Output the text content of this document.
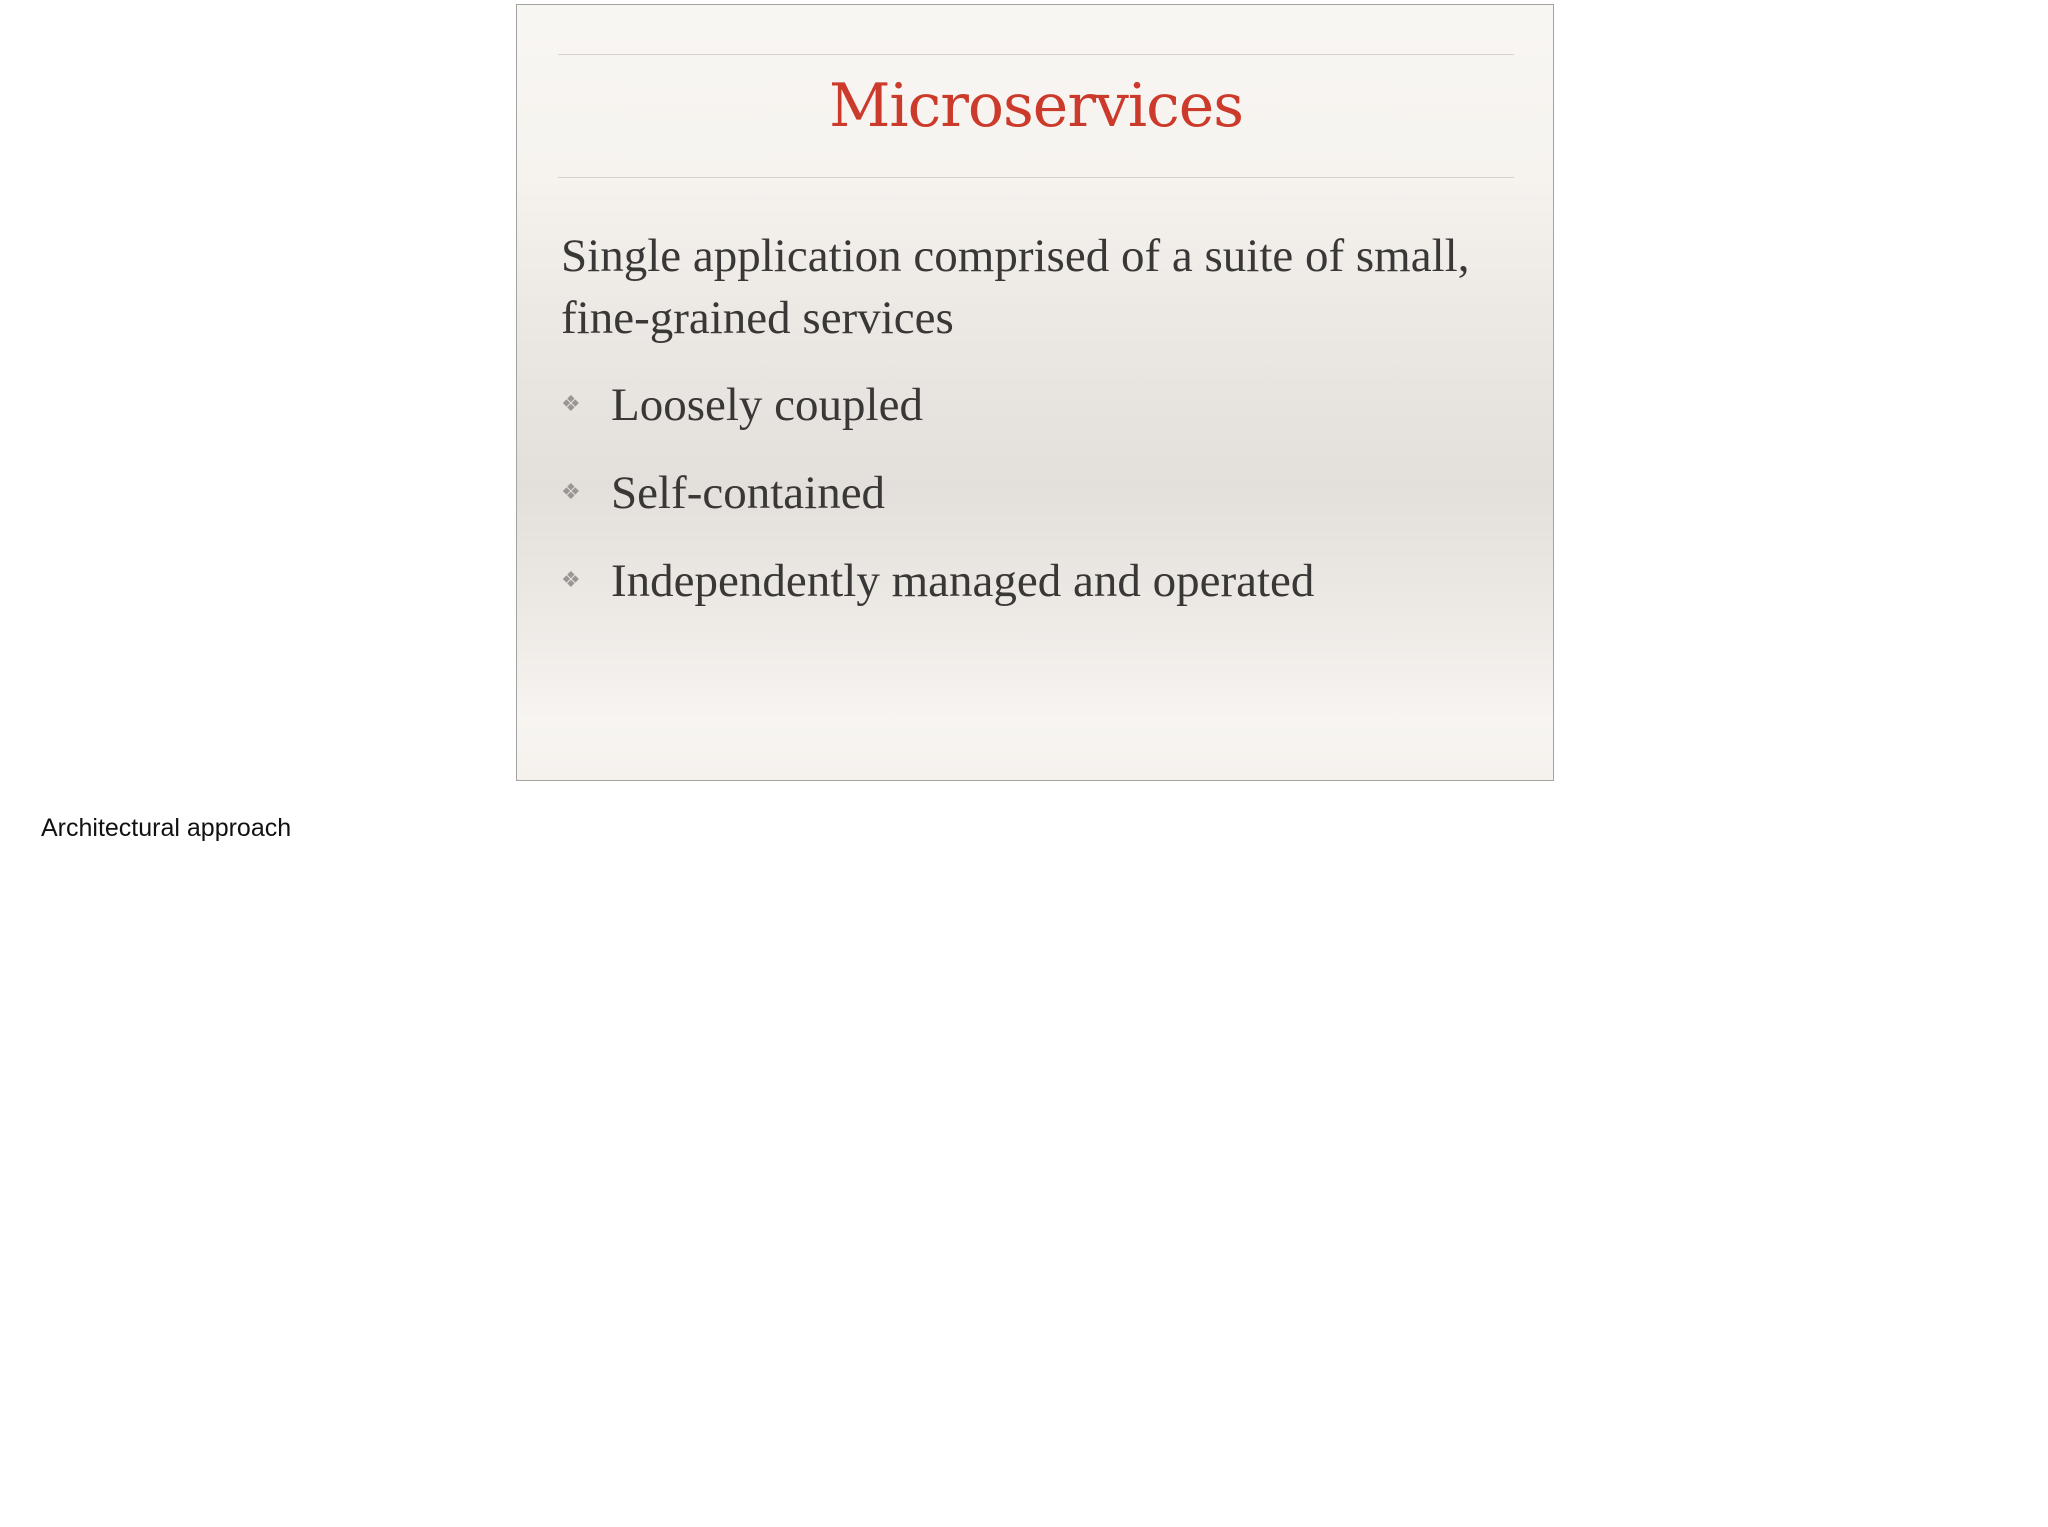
Microservices
Single application comprised of a suite of small, fine-grained services
❖ Loosely coupled
❖ Self-contained
❖ Independently managed and operated
Architectural approach
